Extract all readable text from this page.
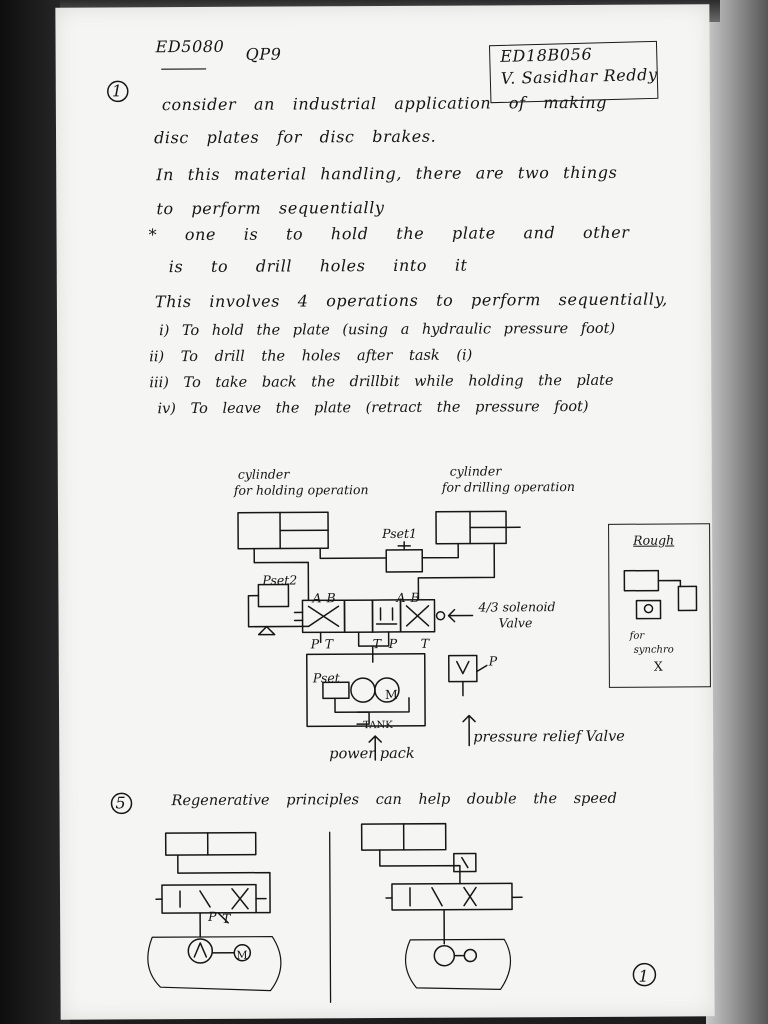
ED5080 QP9	ED18B056
V. Sasidhar Reddy
1
consider an industrial application of making
disc plates for disc brakes.
In this material handling, there are two things
to perform sequentially
* one is to hold the plate and other
is to drill holes into it
This involves 4 operations to perform sequentially,
i) To hold the plate (using a hydraulic pressure foot)
ii) To drill the holes after task (i)
iii) To take back the drillbit while holding the plate
iv) To leave the plate (retract the pressure foot)
cylinder
for holding operation
cylinder
for drilling operation
Pset1
Pset2
A B	A B
P T	T P T
4/3 solenoid
Valve
Pset
M
TANK
P
power pack
pressure relief Valve
Rough
for
synchro
X
5	Regenerative principles can help double the speed
P T
M
1
